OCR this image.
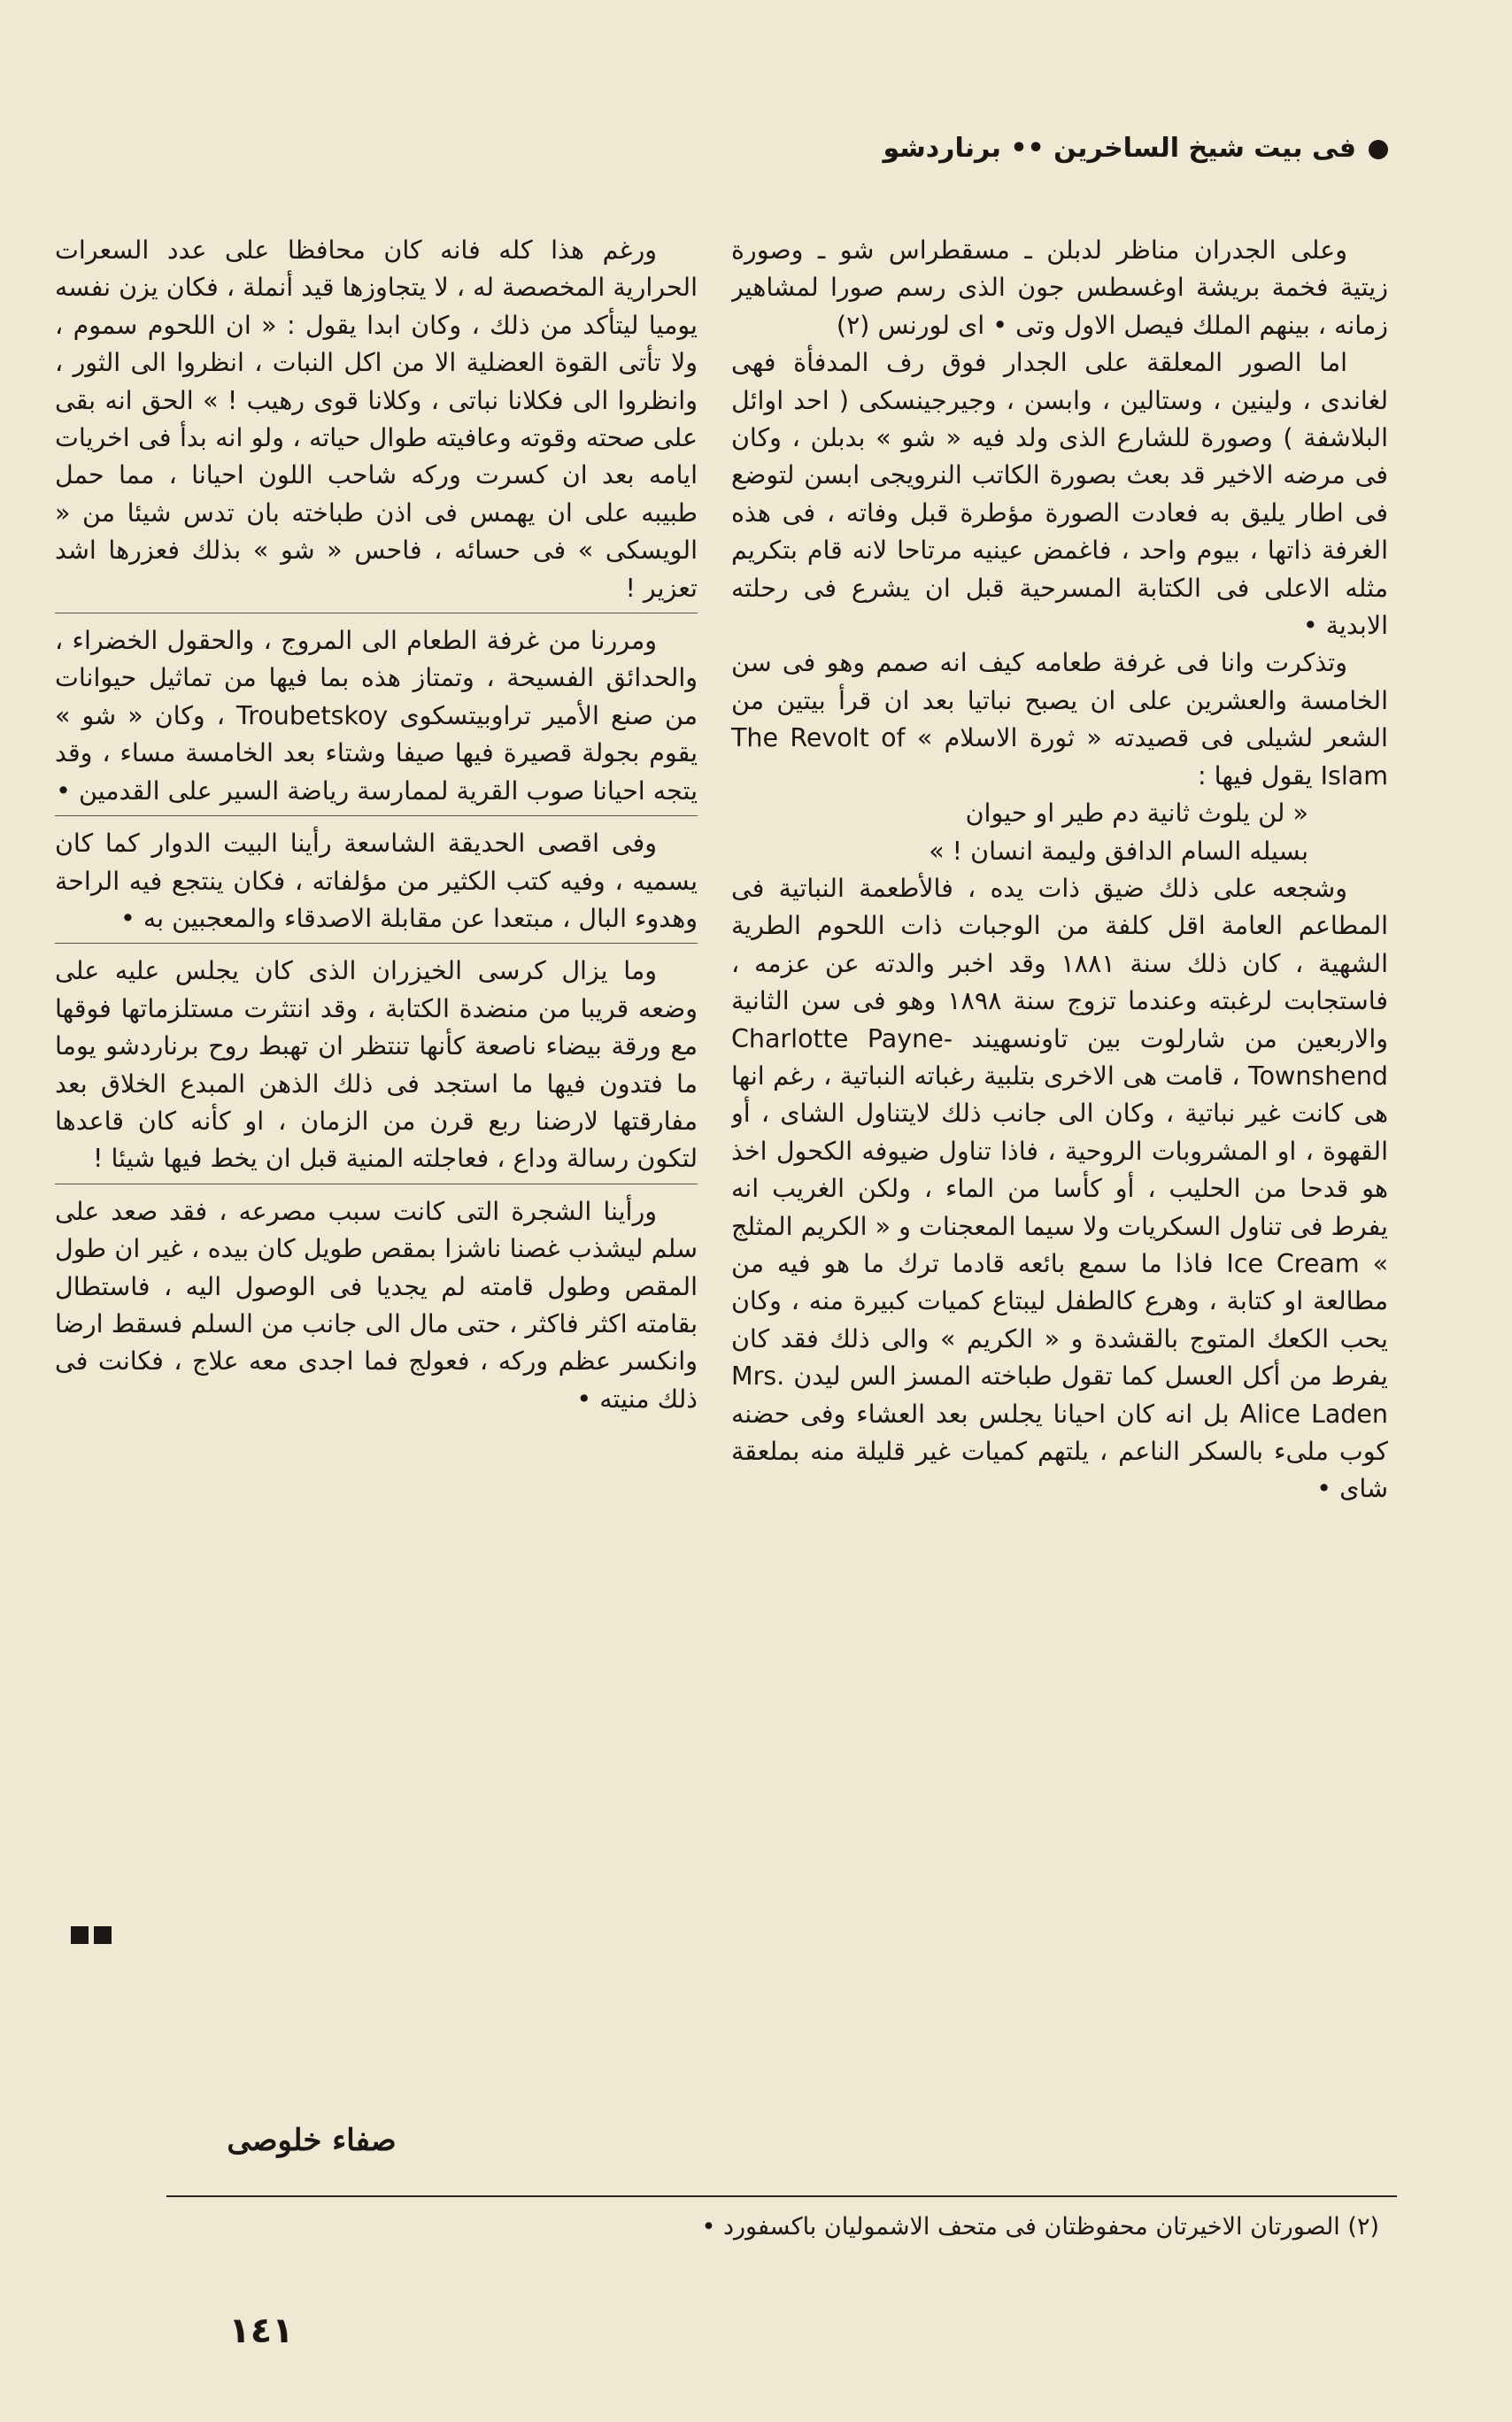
فى بيت شيخ الساخرين •• برناردشو

وعلى الجدران مناظر لدبلن ـ مسقطراس شو ـ وصورة زيتية فخمة بريشة اوغسطس جون الذى رسم صورا لمشاهير زمانه ، بينهم الملك فيصل الاول وتى • اى لورنس (٢)

اما الصور المعلقة على الجدار فوق رف المدفأة فهى لغاندى ، ولينين ، وستالين ، وابسن ، وجيرجينسكى ( احد اوائل البلاشفة ) وصورة للشارع الذى ولد فيه « شو » بدبلن ، وكان فى مرضه الاخير قد بعث بصورة الكاتب النرويجى ابسن لتوضع فى اطار يليق به فعادت الصورة مؤطرة قبل وفاته ، فى هذه الغرفة ذاتها ، بيوم واحد ، فاغمض عينيه مرتاحا لانه قام بتكريم مثله الاعلى فى الكتابة المسرحية قبل ان يشرع فى رحلته الابدية •

وتذكرت وانا فى غرفة طعامه كيف انه صمم وهو فى سن الخامسة والعشرين على ان يصبح نباتيا بعد ان قرأ بيتين من الشعر لشيلى فى قصيدته « ثورة الاسلام » The Revolt of Islam يقول فيها :

« لن يلوث ثانية دم طير او حيوان

بسيله السام الدافق وليمة انسان ! »

وشجعه على ذلك ضيق ذات يده ، فالأطعمة النباتية فى المطاعم العامة اقل كلفة من الوجبات ذات اللحوم الطرية الشهية ، كان ذلك سنة ١٨٨١ وقد اخبر والدته عن عزمه ، فاستجابت لرغبته وعندما تزوج سنة ١٨٩٨ وهو فى سن الثانية والاربعين من شارلوت بين تاونسهيند Charlotte Payne-Townshend ، قامت هى الاخرى بتلبية رغباته النباتية ، رغم انها هى كانت غير نباتية ، وكان الى جانب ذلك لايتناول الشاى ، أو القهوة ، او المشروبات الروحية ، فاذا تناول ضيوفه الكحول اخذ هو قدحا من الحليب ، أو كأسا من الماء ، ولكن الغريب انه يفرط فى تناول السكريات ولا سيما المعجنات و « الكريم المثلج » Ice Cream فاذا ما سمع بائعه قادما ترك ما هو فيه من مطالعة او كتابة ، وهرع كالطفل ليبتاع كميات كبيرة منه ، وكان يحب الكعك المتوج بالقشدة و « الكريم » والى ذلك فقد كان يفرط من أكل العسل كما تقول طباخته المسز الس ليدن Mrs. Alice Laden بل انه كان احيانا يجلس بعد العشاء وفى حضنه كوب ملىء بالسكر الناعم ، يلتهم كميات غير قليلة منه بملعقة شاى •

ورغم هذا كله فانه كان محافظا على عدد السعرات الحرارية المخصصة له ، لا يتجاوزها قيد أنملة ، فكان يزن نفسه يوميا ليتأكد من ذلك ، وكان ابدا يقول : « ان اللحوم سموم ، ولا تأتى القوة العضلية الا من اكل النبات ، انظروا الى الثور ، وانظروا الى فكلانا نباتى ، وكلانا قوى رهيب ! » الحق انه بقى على صحته وقوته وعافيته طوال حياته ، ولو انه بدأ فى اخريات ايامه بعد ان كسرت وركه شاحب اللون احيانا ، مما حمل طبيبه على ان يهمس فى اذن طباخته بان تدس شيئا من « الويسكى » فى حسائه ، فاحس « شو » بذلك فعزرها اشد تعزير !

ومررنا من غرفة الطعام الى المروج ، والحقول الخضراء ، والحدائق الفسيحة ، وتمتاز هذه بما فيها من تماثيل حيوانات من صنع الأمير تراوبيتسكوى Troubetskoy ، وكان « شو » يقوم بجولة قصيرة فيها صيفا وشتاء بعد الخامسة مساء ، وقد يتجه احيانا صوب القرية لممارسة رياضة السير على القدمين •

وفى اقصى الحديقة الشاسعة رأينا البيت الدوار كما كان يسميه ، وفيه كتب الكثير من مؤلفاته ، فكان ينتجع فيه الراحة وهدوء البال ، مبتعدا عن مقابلة الاصدقاء والمعجبين به •

وما يزال كرسى الخيزران الذى كان يجلس عليه على وضعه قريبا من منضدة الكتابة ، وقد انتثرت مستلزماتها فوقها مع ورقة بيضاء ناصعة كأنها تنتظر ان تهبط روح برناردشو يوما ما فتدون فيها ما استجد فى ذلك الذهن المبدع الخلاق بعد مفارقتها لارضنا ربع قرن من الزمان ، او كأنه كان قاعدها لتكون رسالة وداع ، فعاجلته المنية قبل ان يخط فيها شيئا !

ورأينا الشجرة التى كانت سبب مصرعه ، فقد صعد على سلم ليشذب غصنا ناشزا بمقص طويل كان بيده ، غير ان طول المقص وطول قامته لم يجديا فى الوصول اليه ، فاستطال بقامته اكثر فاكثر ، حتى مال الى جانب من السلم فسقط ارضا وانكسر عظم وركه ، فعولج فما اجدى معه علاج ، فكانت فى ذلك منيته •

صفاء خلوصى
(٢) الصورتان الاخيرتان محفوظتان فى متحف الاشموليان باكسفورد •
١٤١
